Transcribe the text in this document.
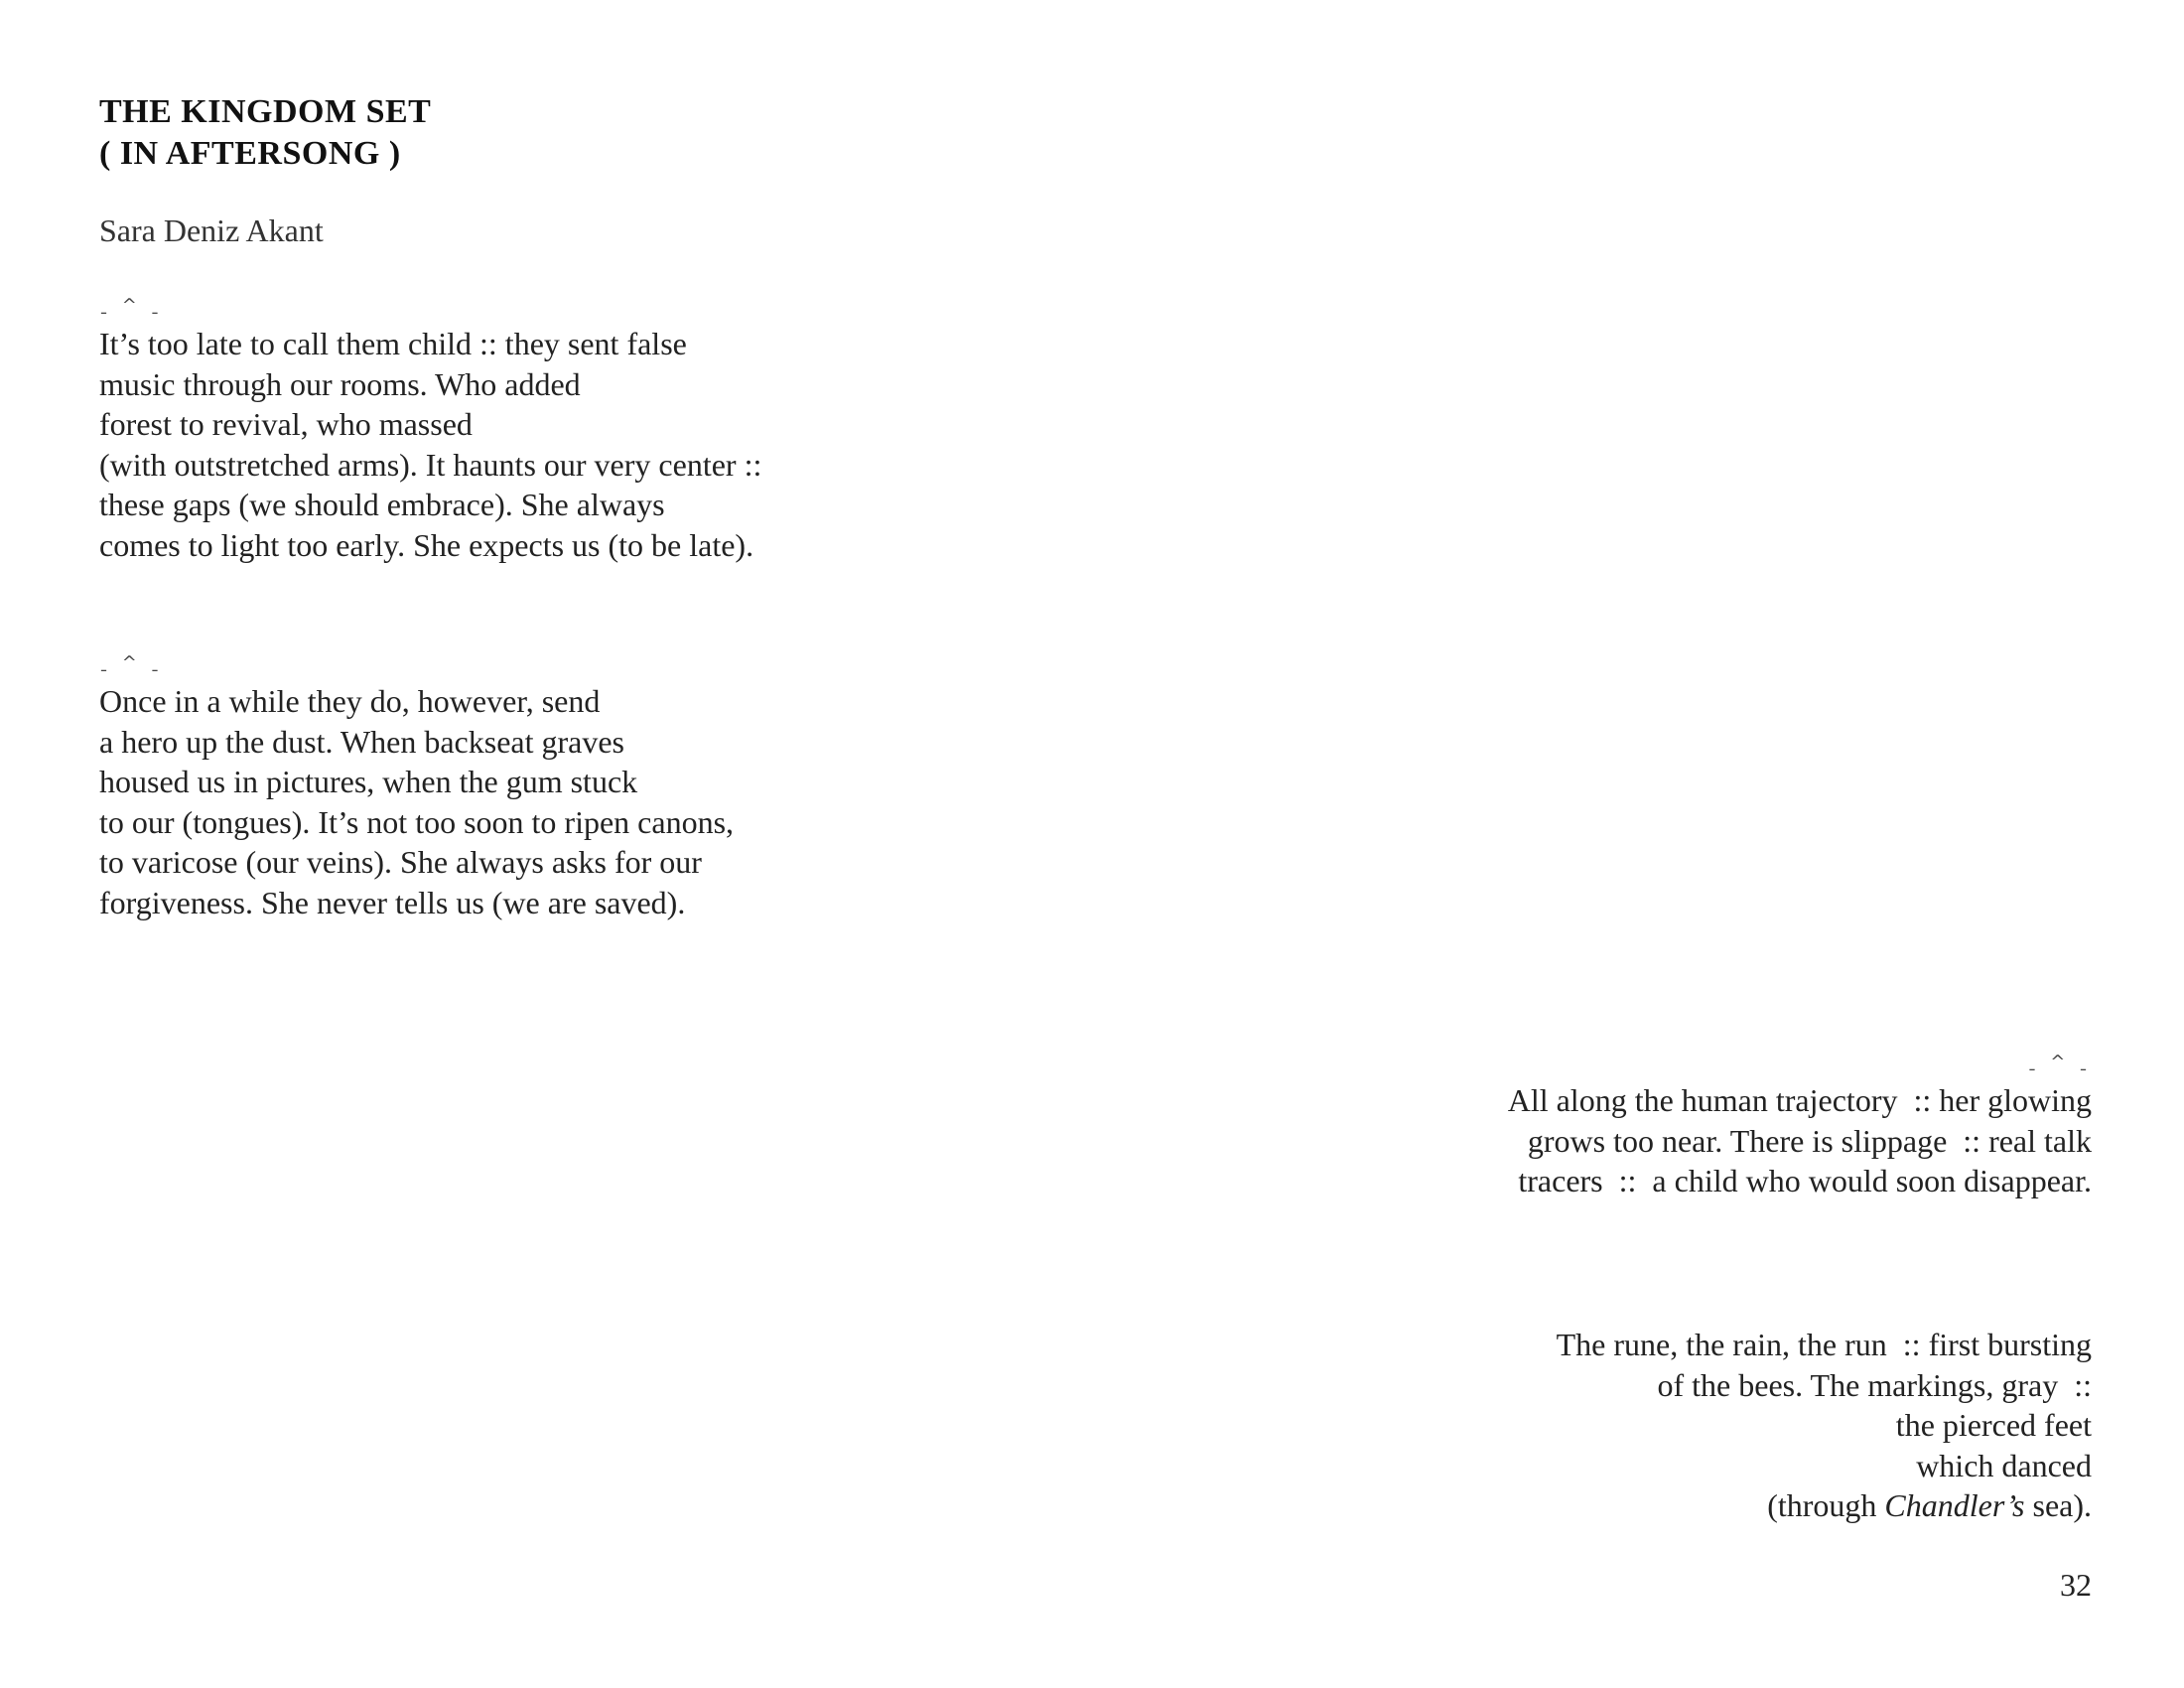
THE KINGDOM SET
( IN AFTERSONG )
Sara Deniz Akant
ˍ ^ ˍ
It’s too late to call them child :: they sent false
music through our rooms. Who added
forest to revival, who massed
(with outstretched arms). It haunts our very center ::
these gaps (we should embrace). She always
comes to light too early. She expects us (to be late).
ˍ ^ ˍ
Once in a while they do, however, send
a hero up the dust. When backseat graves
housed us in pictures, when the gum stuck
to our (tongues). It’s not too soon to ripen canons,
to varicose (our veins). She always asks for our
forgiveness. She never tells us (we are saved).
ˍ ^ ˍ
All along the human trajectory  :: her glowing
grows too near. There is slippage  :: real talk
tracers  ::  a child who would soon disappear.
The rune, the rain, the run  :: first bursting
of the bees. The markings, gray  ::
the pierced feet
which danced
(through Chandler’s sea).
32
